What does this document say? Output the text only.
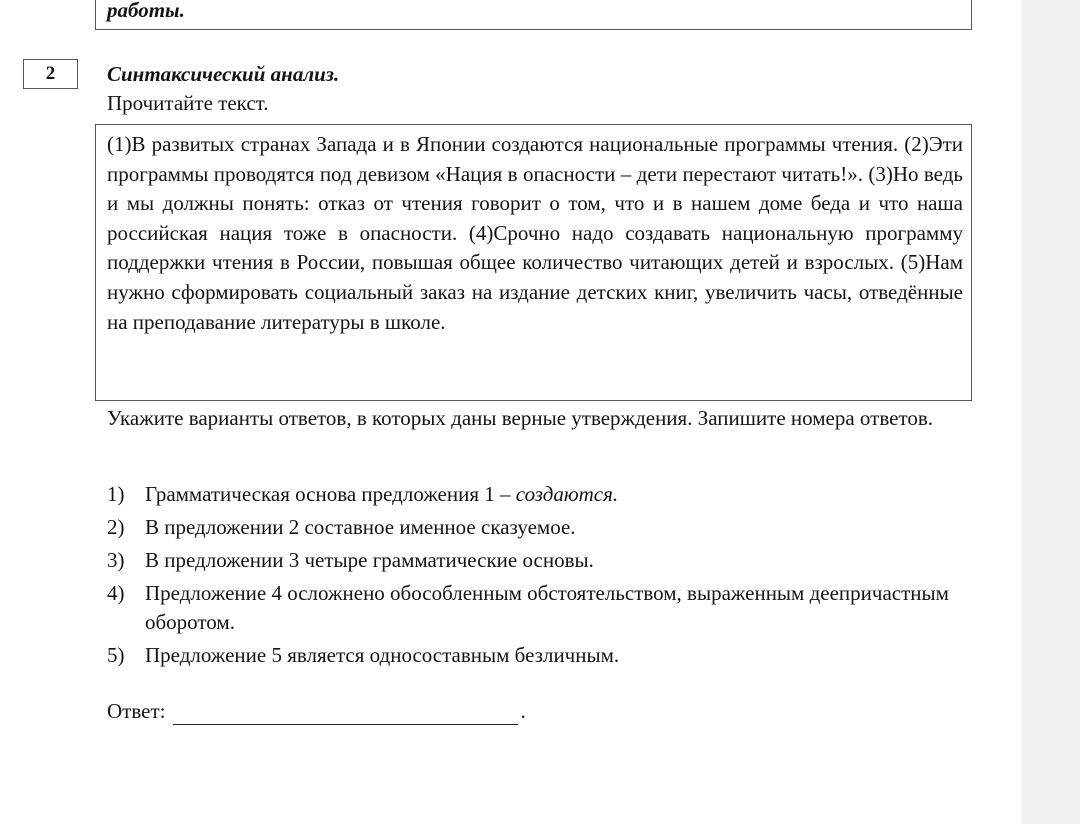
работы.
2	Синтаксический анализ.
Прочитайте текст.

(1)В развитых странах Запада и в Японии создаются национальные программы чтения. (2)Эти программы проводятся под девизом «Нация в опасности – дети перестают читать!». (3)Но ведь и мы должны понять: отказ от чтения говорит о том, что и в нашем доме беда и что наша российская нация тоже в опасности. (4)Срочно надо создавать национальную программу поддержки чтения в России, повышая общее количество читающих детей и взрослых. (5)Нам нужно сформировать социальный заказ на издание детских книг, увеличить часы, отведённые на преподавание литературы в школе.

Укажите варианты ответов, в которых даны верные утверждения. Запишите номера ответов.

1) Грамматическая основа предложения 1 – создаются.
2) В предложении 2 составное именное сказуемое.
3) В предложении 3 четыре грамматические основы.
4) Предложение 4 осложнено обособленным обстоятельством, выраженным деепричастным оборотом.
5) Предложение 5 является односоставным безличным.
Ответ:	.
